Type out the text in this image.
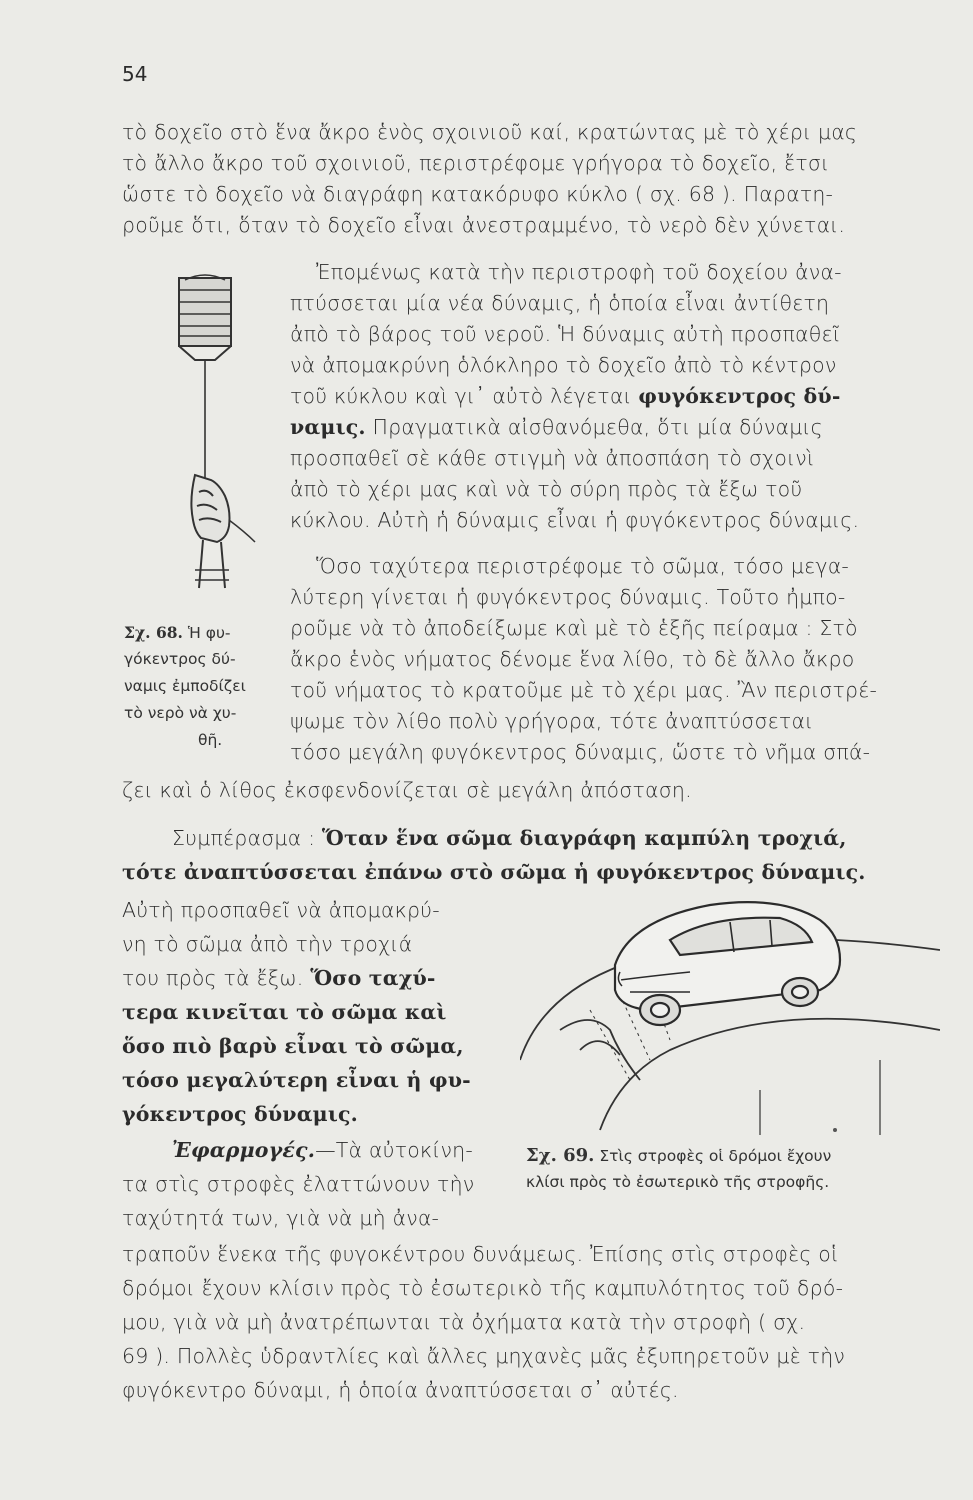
54
τὸ δοχεῖο στὸ ἕνα ἄκρο ἑνὸς σχοινιοῦ καί, κρατώντας μὲ τὸ χέρι μας
τὸ ἄλλο ἄκρο τοῦ σχοινιοῦ, περιστρέφομε γρήγορα τὸ δοχεῖο, ἔτσι
ὥστε τὸ δοχεῖο νὰ διαγράφη κατακόρυφο κύκλο ( σχ. 68 ). Παρατη-
ροῦμε ὅτι, ὅταν τὸ δοχεῖο εἶναι ἀνεστραμμένο, τὸ νερὸ δὲν χύνεται.
Ἐπομένως κατὰ τὴν περιστροφὴ τοῦ δοχείου ἀνα-
πτύσσεται μία νέα δύναμις, ἡ ὁποία εἶναι ἀντίθετη
ἀπὸ τὸ βάρος τοῦ νεροῦ. Ἡ δύναμις αὐτὴ προσπαθεῖ
νὰ ἀπομακρύνη ὁλόκληρο τὸ δοχεῖο ἀπὸ τὸ κέντρον
τοῦ κύκλου καὶ γι᾽ αὐτὸ λέγεται φυγόκεντρος δύ-
ναμις. Πραγματικὰ αἰσθανόμεθα, ὅτι μία δύναμις
προσπαθεῖ σὲ κάθε στιγμὴ νὰ ἀποσπάση τὸ σχοινὶ
ἀπὸ τὸ χέρι μας καὶ νὰ τὸ σύρη πρὸς τὰ ἔξω τοῦ
κύκλου. Αὐτὴ ἡ δύναμις εἶναι ἡ φυγόκεντρος δύναμις.
Ὅσο ταχύτερα περιστρέφομε τὸ σῶμα, τόσο μεγα-
λύτερη γίνεται ἡ φυγόκεντρος δύναμις. Τοῦτο ἠμπο-
ροῦμε νὰ τὸ ἀποδείξωμε καὶ μὲ τὸ ἑξῆς πείραμα : Στὸ
ἄκρο ἑνὸς νήματος δένομε ἕνα λίθο, τὸ δὲ ἄλλο ἄκρο
τοῦ νήματος τὸ κρατοῦμε μὲ τὸ χέρι μας. Ἂν περιστρέ-
ψωμε τὸν λίθο πολὺ γρήγορα, τότε ἀναπτύσσεται
τόσο μεγάλη φυγόκεντρος δύναμις, ὥστε τὸ νῆμα σπά-
ζει καὶ ὁ λίθος ἐκσφενδονίζεται σὲ μεγάλη ἀπόσταση.
Σχ. 68. Ἡ φυ-
γόκεντρος δύ-
ναμις ἐμποδίζει
τὸ νερὸ νὰ χυ-
θῆ.
Συμπέρασμα : Ὅταν ἕνα σῶμα διαγράφη καμπύλη τροχιά,
τότε ἀναπτύσσεται ἐπάνω στὸ σῶμα ἡ φυγόκεντρος δύναμις.
Αὐτὴ προσπαθεῖ νὰ ἀπομακρύ-
νη τὸ σῶμα ἀπὸ τὴν τροχιά
του πρὸς τὰ ἔξω. Ὅσο ταχύ-
τερα κινεῖται τὸ σῶμα καὶ
ὅσο πιὸ βαρὺ εἶναι τὸ σῶμα,
τόσο μεγαλύτερη εἶναι ἡ φυ-
γόκεντρος δύναμις.
Ἐφαρμογές.—Τὰ αὐτοκίνη-
τα στὶς στροφὲς ἐλαττώνουν τὴν
ταχύτητά των, γιὰ νὰ μὴ ἀνα-
Σχ. 69. Στὶς στροφὲς οἱ δρόμοι ἔχουν
κλίσι πρὸς τὸ ἐσωτερικὸ τῆς στροφῆς.
τραποῦν ἕνεκα τῆς φυγοκέντρου δυνάμεως. Ἐπίσης στὶς στροφὲς οἱ
δρόμοι ἔχουν κλίσιν πρὸς τὸ ἐσωτερικὸ τῆς καμπυλότητος τοῦ δρό-
μου, γιὰ νὰ μὴ ἀνατρέπωνται τὰ ὀχήματα κατὰ τὴν στροφὴ ( σχ.
69 ). Πολλὲς ὑδραντλίες καὶ ἄλλες μηχανὲς μᾶς ἐξυπηρετοῦν μὲ τὴν
φυγόκεντρο δύναμι, ἡ ὁποία ἀναπτύσσεται σ᾽ αὐτές.
